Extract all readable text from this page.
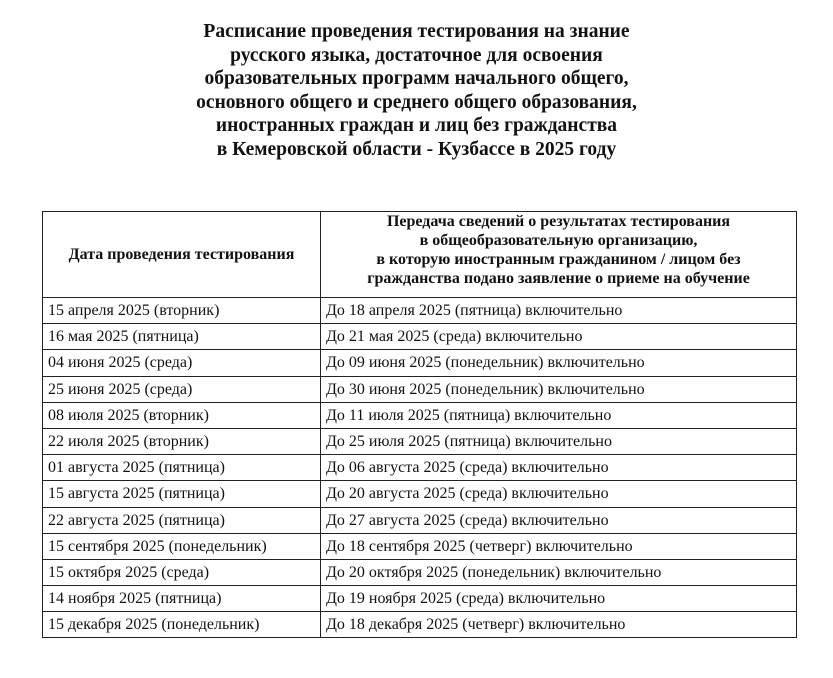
Расписание проведения тестирования на знание
русского языка, достаточное для освоения
образовательных программ начального общего,
основного общего и среднего общего образования,
иностранных граждан и лиц без гражданства
в Кемеровской области - Кузбассе в 2025 году
Дата проведения тестирования	Передача сведений о результатах тестирования
в общеобразовательную организацию,
в которую иностранным гражданином / лицом без
гражданства подано заявление о приеме на обучение

15 апреля 2025 (вторник)	До 18 апреля 2025 (пятница) включительно
16 мая 2025 (пятница)	До 21 мая 2025 (среда) включительно
04 июня 2025 (среда)	До 09 июня 2025 (понедельник) включительно
25 июня 2025 (среда)	До 30 июня 2025 (понедельник) включительно
08 июля 2025 (вторник)	До 11 июля 2025 (пятница) включительно
22 июля 2025 (вторник)	До 25 июля 2025 (пятница) включительно
01 августа 2025 (пятница)	До 06 августа 2025 (среда) включительно
15 августа 2025 (пятница)	До 20 августа 2025 (среда) включительно
22 августа 2025 (пятница)	До 27 августа 2025 (среда) включительно
15 сентября 2025 (понедельник)	До 18 сентября 2025 (четверг) включительно
15 октября 2025 (среда)	До 20 октября 2025 (понедельник) включительно
14 ноября 2025 (пятница)	До 19 ноября 2025 (среда) включительно
15 декабря 2025 (понедельник)	До 18 декабря 2025 (четверг) включительно
